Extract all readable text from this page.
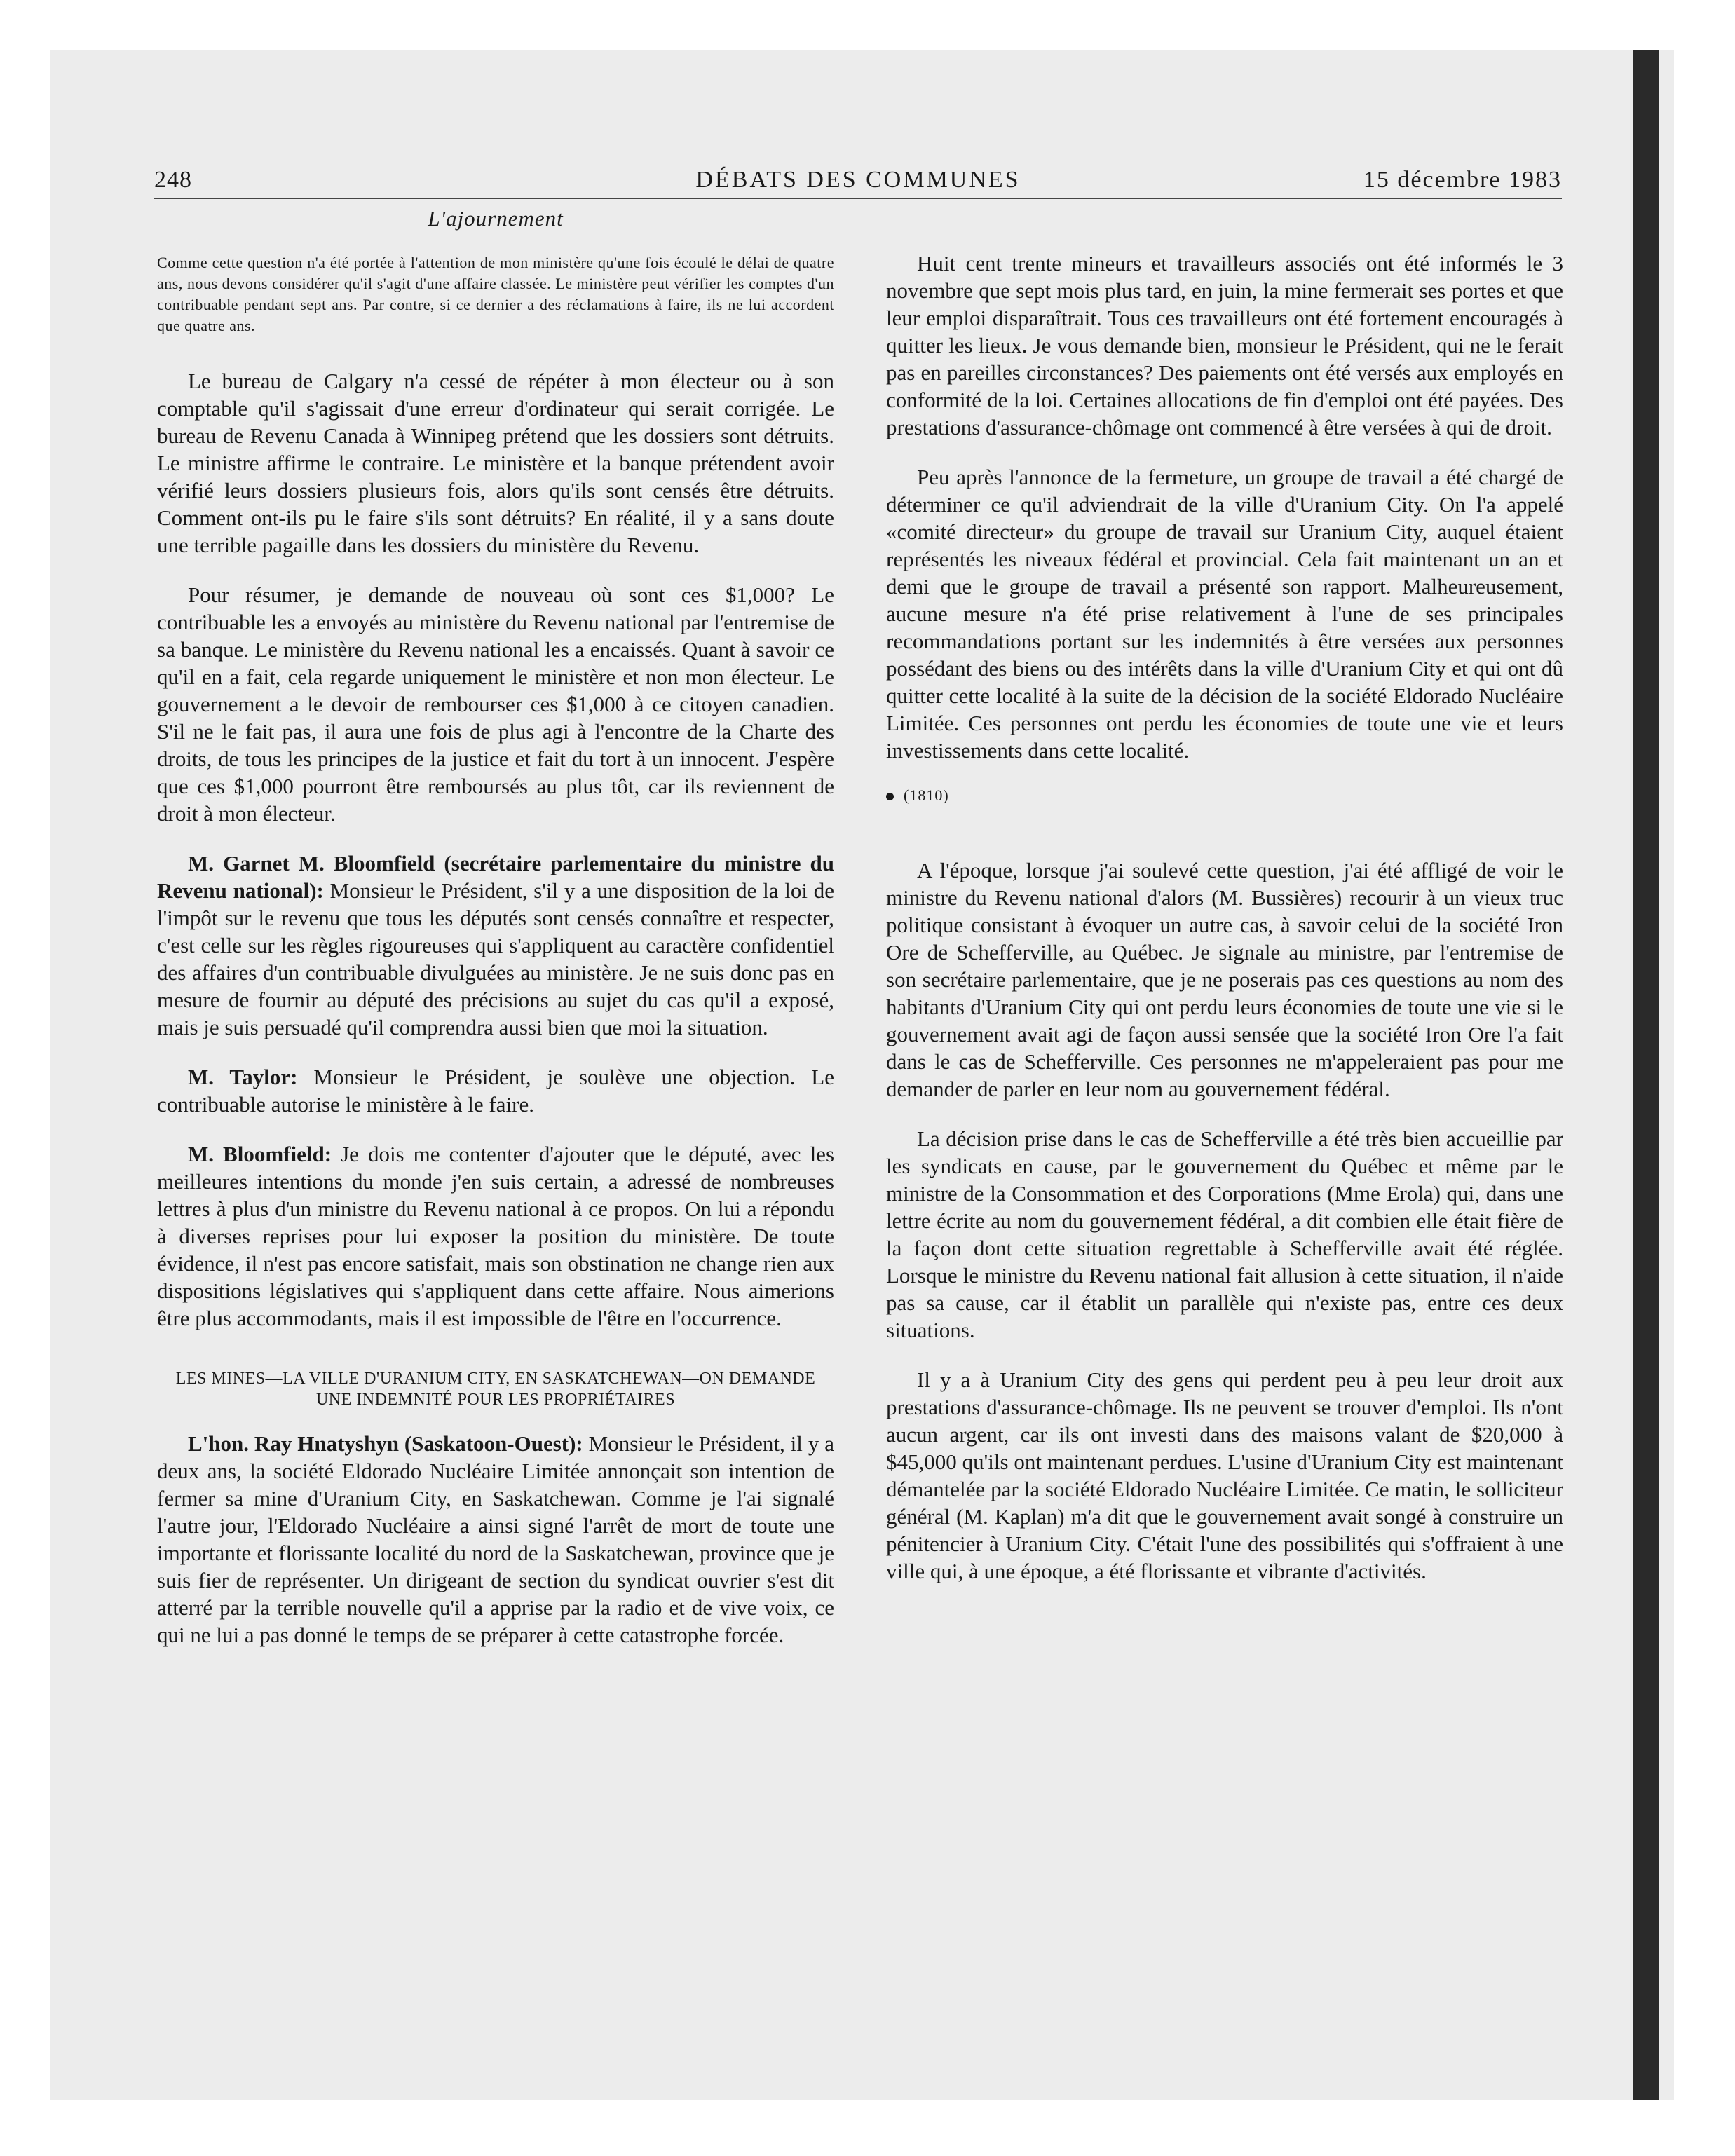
248	DÉBATS DES COMMUNES	15 décembre 1983
L'ajournement
Comme cette question n'a été portée à l'attention de mon ministère qu'une fois écoulé le délai de quatre ans, nous devons considérer qu'il s'agit d'une affaire classée. Le ministère peut vérifier les comptes d'un contribuable pendant sept ans. Par contre, si ce dernier a des réclamations à faire, ils ne lui accordent que quatre ans.

Le bureau de Calgary n'a cessé de répéter à mon électeur ou à son comptable qu'il s'agissait d'une erreur d'ordinateur qui serait corrigée. Le bureau de Revenu Canada à Winnipeg prétend que les dossiers sont détruits. Le ministre affirme le contraire. Le ministère et la banque prétendent avoir vérifié leurs dossiers plusieurs fois, alors qu'ils sont censés être détruits. Comment ont-ils pu le faire s'ils sont détruits? En réalité, il y a sans doute une terrible pagaille dans les dossiers du ministère du Revenu.

Pour résumer, je demande de nouveau où sont ces $1,000? Le contribuable les a envoyés au ministère du Revenu national par l'entremise de sa banque. Le ministère du Revenu national les a encaissés. Quant à savoir ce qu'il en a fait, cela regarde uniquement le ministère et non mon électeur. Le gouvernement a le devoir de rembourser ces $1,000 à ce citoyen canadien. S'il ne le fait pas, il aura une fois de plus agi à l'encontre de la Charte des droits, de tous les principes de la justice et fait du tort à un innocent. J'espère que ces $1,000 pourront être remboursés au plus tôt, car ils reviennent de droit à mon électeur.

M. Garnet M. Bloomfield (secrétaire parlementaire du ministre du Revenu national): Monsieur le Président, s'il y a une disposition de la loi de l'impôt sur le revenu que tous les députés sont censés connaître et respecter, c'est celle sur les règles rigoureuses qui s'appliquent au caractère confidentiel des affaires d'un contribuable divulguées au ministère. Je ne suis donc pas en mesure de fournir au député des précisions au sujet du cas qu'il a exposé, mais je suis persuadé qu'il comprendra aussi bien que moi la situation.

M. Taylor: Monsieur le Président, je soulève une objection. Le contribuable autorise le ministère à le faire.

M. Bloomfield: Je dois me contenter d'ajouter que le député, avec les meilleures intentions du monde j'en suis certain, a adressé de nombreuses lettres à plus d'un ministre du Revenu national à ce propos. On lui a répondu à diverses reprises pour lui exposer la position du ministère. De toute évidence, il n'est pas encore satisfait, mais son obstination ne change rien aux dispositions législatives qui s'appliquent dans cette affaire. Nous aimerions être plus accommodants, mais il est impossible de l'être en l'occurrence.

LES MINES—LA VILLE D'URANIUM CITY, EN SASKATCHEWAN—ON DEMANDE UNE INDEMNITÉ POUR LES PROPRIÉTAIRES

L'hon. Ray Hnatyshyn (Saskatoon-Ouest): Monsieur le Président, il y a deux ans, la société Eldorado Nucléaire Limitée annonçait son intention de fermer sa mine d'Uranium City, en Saskatchewan. Comme je l'ai signalé l'autre jour, l'Eldorado Nucléaire a ainsi signé l'arrêt de mort de toute une importante et florissante localité du nord de la Saskatchewan, province que je suis fier de représenter. Un dirigeant de section du syndicat ouvrier s'est dit atterré par la terrible nouvelle qu'il a apprise par la radio et de vive voix, ce qui ne lui a pas donné le temps de se préparer à cette catastrophe forcée.

Huit cent trente mineurs et travailleurs associés ont été informés le 3 novembre que sept mois plus tard, en juin, la mine fermerait ses portes et que leur emploi disparaîtrait. Tous ces travailleurs ont été fortement encouragés à quitter les lieux. Je vous demande bien, monsieur le Président, qui ne le ferait pas en pareilles circonstances? Des paiements ont été versés aux employés en conformité de la loi. Certaines allocations de fin d'emploi ont été payées. Des prestations d'assurance-chômage ont commencé à être versées à qui de droit.

Peu après l'annonce de la fermeture, un groupe de travail a été chargé de déterminer ce qu'il adviendrait de la ville d'Uranium City. On l'a appelé «comité directeur» du groupe de travail sur Uranium City, auquel étaient représentés les niveaux fédéral et provincial. Cela fait maintenant un an et demi que le groupe de travail a présenté son rapport. Malheureusement, aucune mesure n'a été prise relativement à l'une de ses principales recommandations portant sur les indemnités à être versées aux personnes possédant des biens ou des intérêts dans la ville d'Uranium City et qui ont dû quitter cette localité à la suite de la décision de la société Eldorado Nucléaire Limitée. Ces personnes ont perdu les économies de toute une vie et leurs investissements dans cette localité.

(1810)

A l'époque, lorsque j'ai soulevé cette question, j'ai été affligé de voir le ministre du Revenu national d'alors (M. Bussières) recourir à un vieux truc politique consistant à évoquer un autre cas, à savoir celui de la société Iron Ore de Schefferville, au Québec. Je signale au ministre, par l'entremise de son secrétaire parlementaire, que je ne poserais pas ces questions au nom des habitants d'Uranium City qui ont perdu leurs économies de toute une vie si le gouvernement avait agi de façon aussi sensée que la société Iron Ore l'a fait dans le cas de Schefferville. Ces personnes ne m'appeleraient pas pour me demander de parler en leur nom au gouvernement fédéral.

La décision prise dans le cas de Schefferville a été très bien accueillie par les syndicats en cause, par le gouvernement du Québec et même par le ministre de la Consommation et des Corporations (Mme Erola) qui, dans une lettre écrite au nom du gouvernement fédéral, a dit combien elle était fière de la façon dont cette situation regrettable à Schefferville avait été réglée. Lorsque le ministre du Revenu national fait allusion à cette situation, il n'aide pas sa cause, car il établit un parallèle qui n'existe pas, entre ces deux situations.

Il y a à Uranium City des gens qui perdent peu à peu leur droit aux prestations d'assurance-chômage. Ils ne peuvent se trouver d'emploi. Ils n'ont aucun argent, car ils ont investi dans des maisons valant de $20,000 à $45,000 qu'ils ont maintenant perdues. L'usine d'Uranium City est maintenant démantelée par la société Eldorado Nucléaire Limitée. Ce matin, le solliciteur général (M. Kaplan) m'a dit que le gouvernement avait songé à construire un pénitencier à Uranium City. C'était l'une des possibilités qui s'offraient à une ville qui, à une époque, a été florissante et vibrante d'activités.
